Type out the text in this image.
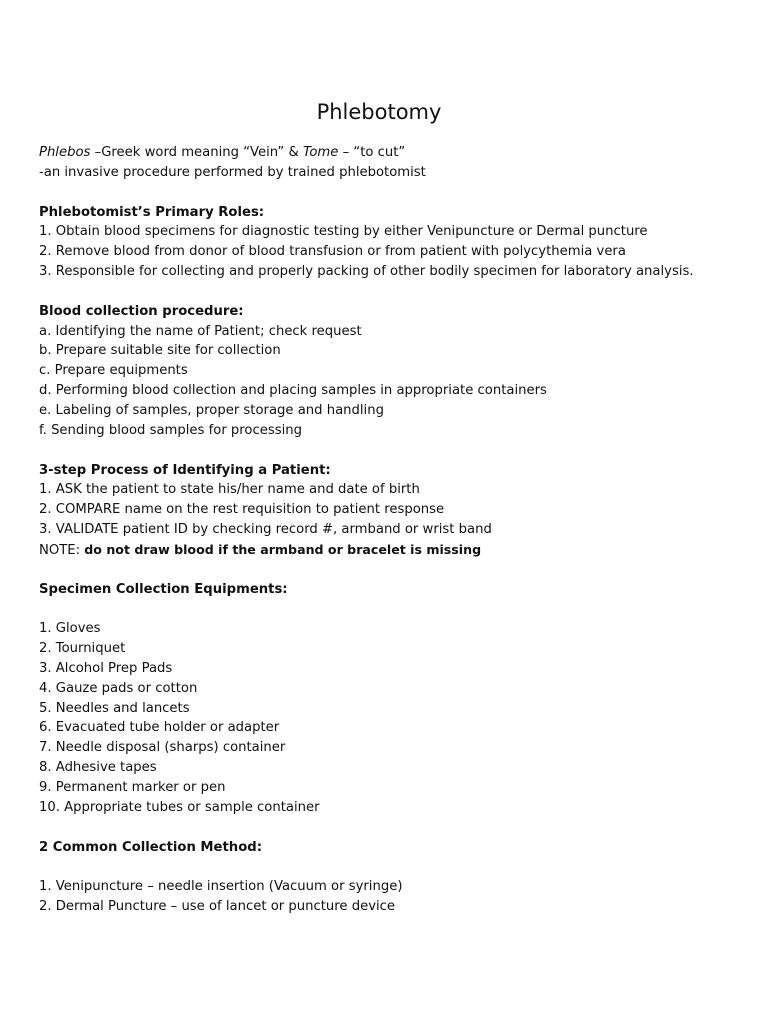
Phlebotomy
Phlebos –Greek word meaning “Vein” & Tome – “to cut”
-an invasive procedure performed by trained phlebotomist
Phlebotomist’s Primary Roles:
1. Obtain blood specimens for diagnostic testing by either Venipuncture or Dermal puncture
2. Remove blood from donor of blood transfusion or from patient with polycythemia vera
3. Responsible for collecting and properly packing of other bodily specimen for laboratory analysis.
Blood collection procedure:
a. Identifying the name of Patient; check request
b. Prepare suitable site for collection
c. Prepare equipments
d. Performing blood collection and placing samples in appropriate containers
e. Labeling of samples, proper storage and handling
f. Sending blood samples for processing
3-step Process of Identifying a Patient:
1. ASK the patient to state his/her name and date of birth
2. COMPARE name on the rest requisition to patient response
3. VALIDATE patient ID by checking record #, armband or wrist band
NOTE: do not draw blood if the armband or bracelet is missing
Specimen Collection Equipments:
1. Gloves
2. Tourniquet
3. Alcohol Prep Pads
4. Gauze pads or cotton
5. Needles and lancets
6. Evacuated tube holder or adapter
7. Needle disposal (sharps) container
8. Adhesive tapes
9. Permanent marker or pen
10. Appropriate tubes or sample container
2 Common Collection Method:
1. Venipuncture – needle insertion (Vacuum or syringe)
2. Dermal Puncture – use of lancet or puncture device
